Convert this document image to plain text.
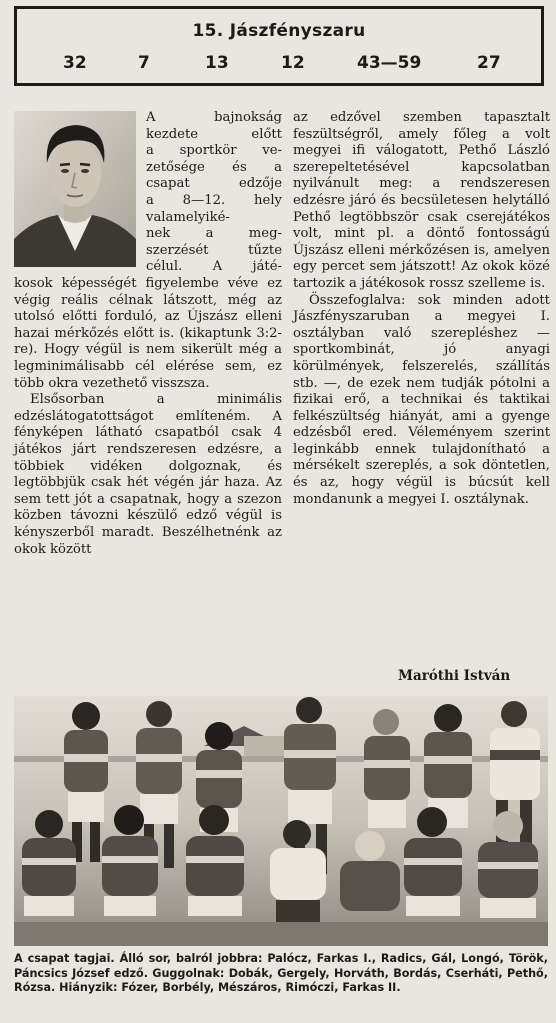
15. Jászfényszaru
32	7	13	12	43—59	27
A bajnokság
kezdete előtt
a sportkör ve-
zetősége és a
csapat edzője
a 8—12. hely
valamelyiké-
nek a meg-
szerzését tűzte
célul. A játé-

kosok képességét figyelembe véve ez végig reális célnak látszott, még az utolsó előtti forduló, az Újszász elleni hazai mérkőzés előtt is. (kikaptunk 3:2-re). Hogy végül is nem sikerült még a legminimálisabb cél elérése sem, ez több okra vezethető visszsza.

Elsősorban a minimális edzéslátogatottságot említeném. A fényképen látható csapatból csak 4 játékos járt rendszeresen edzésre, a többiek vidéken dolgoznak, és legtöbbjük csak hét végén jár haza. Az sem tett jót a csapatnak, hogy a szezon közben távozni készülő edző végül is kényszerből maradt. Beszélhetnénk az okok között

az edzővel szemben tapasztalt feszültségről, amely főleg a volt megyei ifi válogatott, Pethő László szerepeltetésével kapcsolatban nyilvánult meg: a rendszeresen edzésre járó és becsületesen helytálló Pethő legtöbbször csak cserejátékos volt, mint pl. a döntő fontosságú Újszász elleni mérkőzésen is, amelyen egy percet sem játszott! Az okok közé tartozik a játékosok rossz szelleme is.

Összefoglalva: sok minden adott Jászfényszaruban a megyei I. osztályban való szerepléshez — sportkombinát, jó anyagi körülmények, felszerelés, szállítás stb. —, de ezek nem tudják pótolni a fizikai erő, a technikai és taktikai felkészültség hiányát, ami a gyenge edzésből ered. Véleményem szerint leginkább ennek tulajdonítható a mérsékelt szereplés, a sok döntetlen, és az, hogy végül is búcsút kell mondanunk a megyei I. osztálynak.

Maróthi István
A csapat tagjai. Álló sor, balról jobbra: Palócz, Farkas I., Radics, Gál, Longó, Török, Páncsics József edző. Guggolnak: Dobák, Gergely, Horváth, Bordás, Cserháti, Pethő, Rózsa. Hiányzik: Fózer, Borbély, Mészáros, Rimóczi, Farkas II.
